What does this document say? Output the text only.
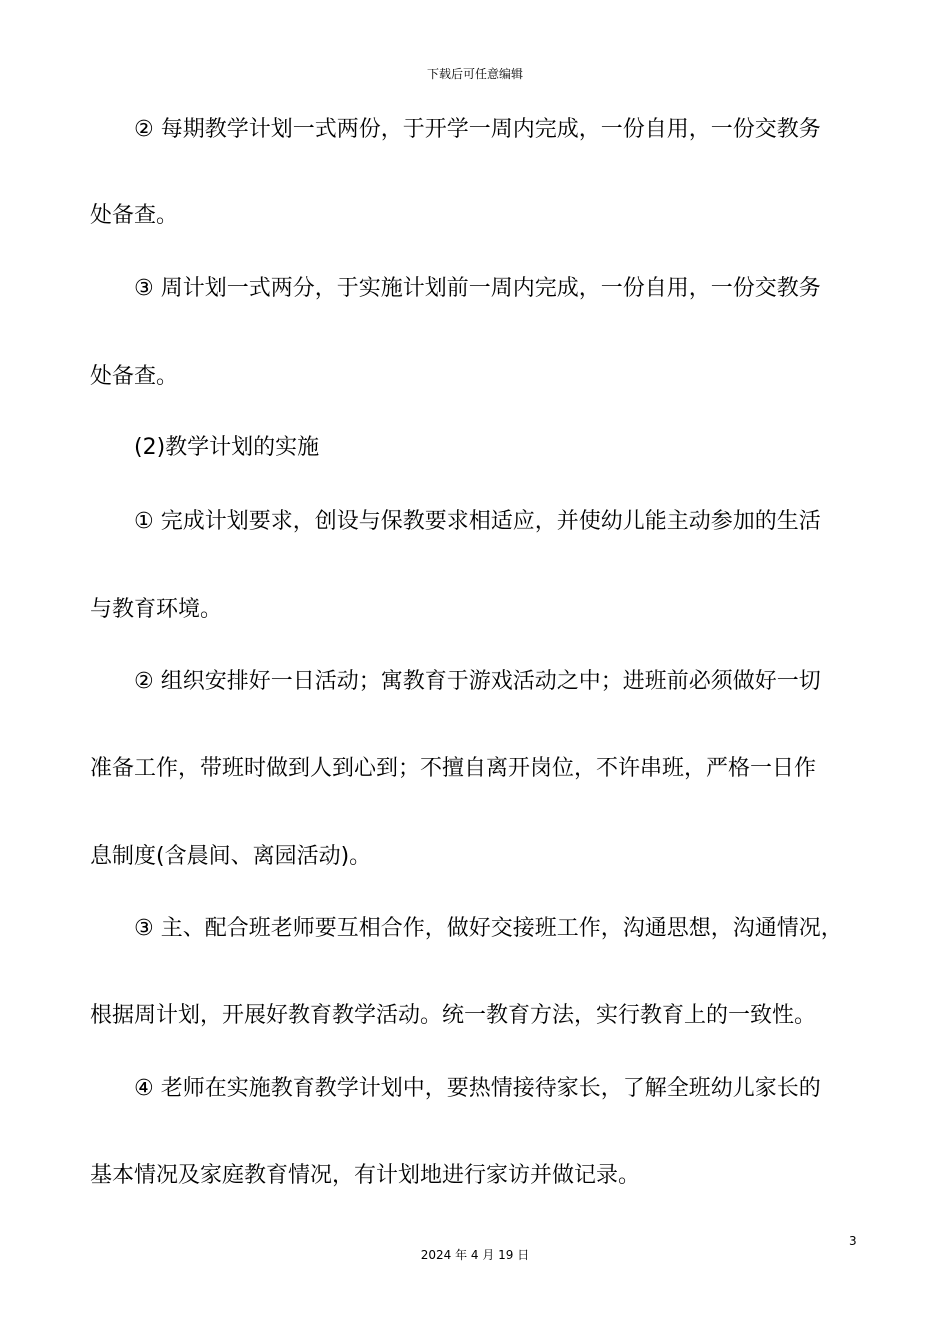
下载后可任意编辑
② 每期教学计划一式两份，于开学一周内完成，一份自用，一份交教务
处备查。
③ 周计划一式两分，于实施计划前一周内完成，一份自用，一份交教务
处备查。
(2)教学计划的实施
① 完成计划要求，创设与保教要求相适应，并使幼儿能主动参加的生活
与教育环境。
② 组织安排好一日活动；寓教育于游戏活动之中；进班前必须做好一切
准备工作，带班时做到人到心到；不擅自离开岗位，不许串班，严格一日作
息制度(含晨间、离园活动)。
③ 主、配合班老师要互相合作，做好交接班工作，沟通思想，沟通情况，
根据周计划，开展好教育教学活动。统一教育方法，实行教育上的一致性。
④ 老师在实施教育教学计划中，要热情接待家长，了解全班幼儿家长的
基本情况及家庭教育情况，有计划地进行家访并做记录。
3
2024 年 4 月 19 日
